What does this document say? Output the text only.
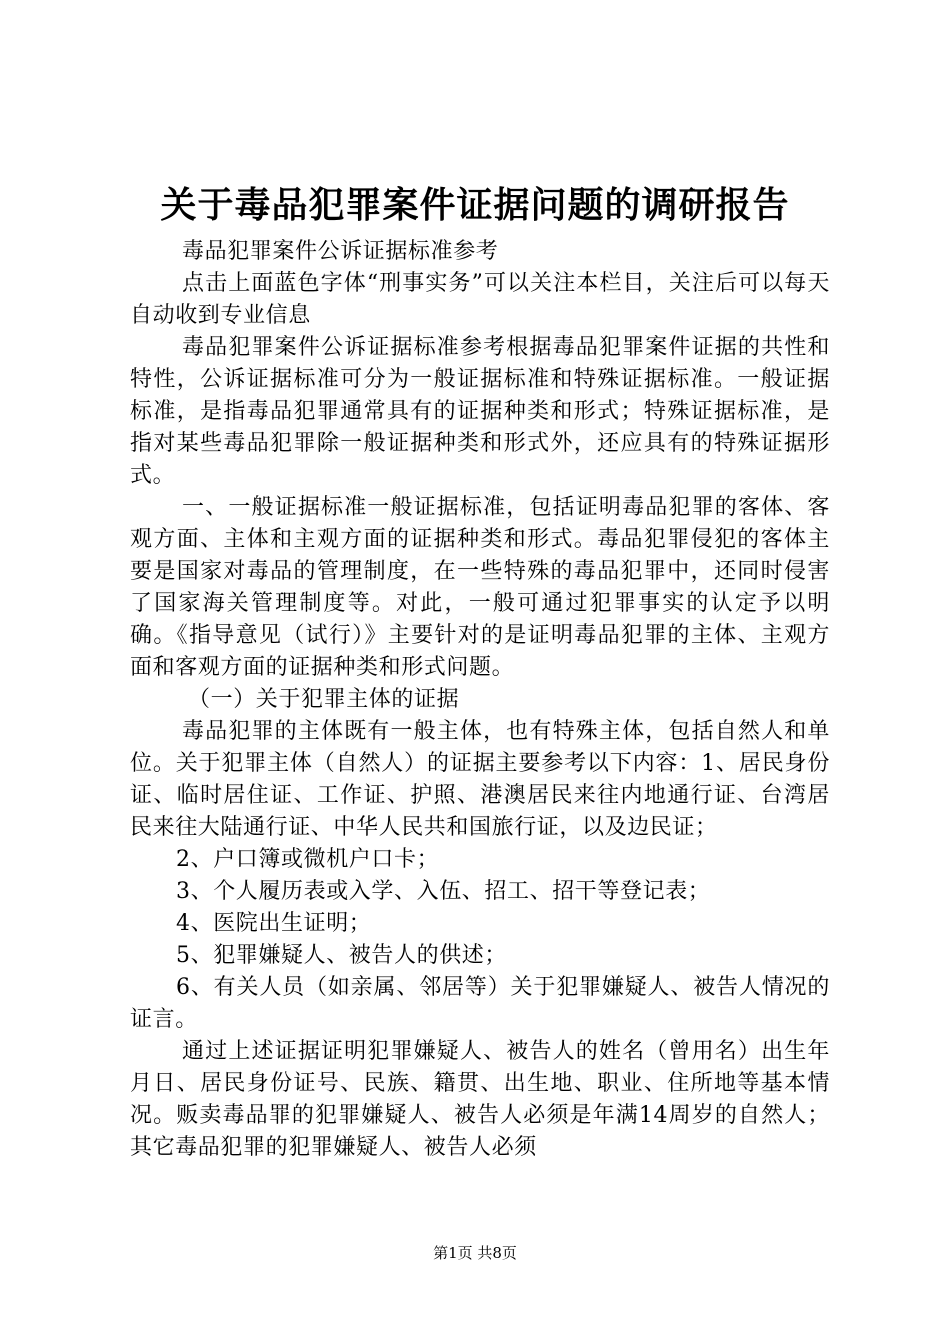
关于毒品犯罪案件证据问题的调研报告

毒品犯罪案件公诉证据标准参考

点击上面蓝色字体“刑事实务”可以关注本栏目，关注后可以每天自动收到专业信息

毒品犯罪案件公诉证据标准参考根据毒品犯罪案件证据的共性和特性，公诉证据标准可分为一般证据标准和特殊证据标准。一般证据标准，是指毒品犯罪通常具有的证据种类和形式；特殊证据标准，是指对某些毒品犯罪除一般证据种类和形式外，还应具有的特殊证据形式。

一、一般证据标准一般证据标准，包括证明毒品犯罪的客体、客观方面、主体和主观方面的证据种类和形式。毒品犯罪侵犯的客体主要是国家对毒品的管理制度，在一些特殊的毒品犯罪中，还同时侵害了国家海关管理制度等。对此，一般可通过犯罪事实的认定予以明确。《指导意见（试行）》主要针对的是证明毒品犯罪的主体、主观方面和客观方面的证据种类和形式问题。

（一）关于犯罪主体的证据

毒品犯罪的主体既有一般主体，也有特殊主体，包括自然人和单位。关于犯罪主体（自然人）的证据主要参考以下内容：1、居民身份证、临时居住证、工作证、护照、港澳居民来往内地通行证、台湾居民来往大陆通行证、中华人民共和国旅行证，以及边民证；

2、户口簿或微机户口卡；

3、个人履历表或入学、入伍、招工、招干等登记表；

4、医院出生证明；

5、犯罪嫌疑人、被告人的供述；

6、有关人员（如亲属、邻居等）关于犯罪嫌疑人、被告人情况的证言。

通过上述证据证明犯罪嫌疑人、被告人的姓名（曾用名）出生年月日、居民身份证号、民族、籍贯、出生地、职业、住所地等基本情况。贩卖毒品罪的犯罪嫌疑人、被告人必须是年满14周岁的自然人；其它毒品犯罪的犯罪嫌疑人、被告人必须

第1页 共8页
